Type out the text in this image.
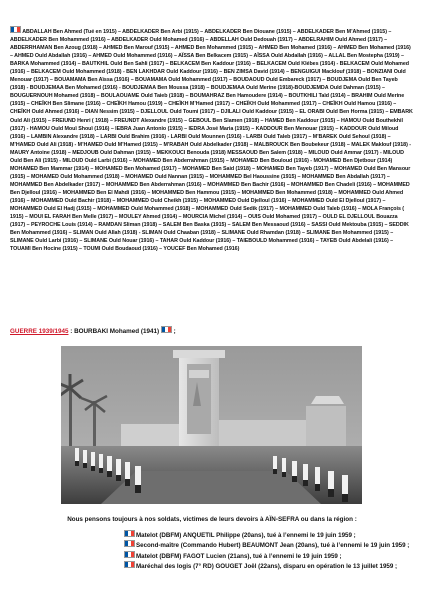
ABDALLAH Ben Ahmed (Tué en 1915) – ABDELKADER Ben Arbi (1915) – ABDELKADER Ben Diouane (1915) – ABDELKADER Ben M’Ahmed (1915) – ABDELKADER Ben Mohammed (1916) – ABDELKADER Ould Mohamed (1916) – ABDELLAH Ould Dedouah (1917) – ABDELRAHIM Ould Ahmed (1917) – ABDERRHAMAN Ben Azoug (1918) – AHMED Ben Marouf (1915) – AHMED Ben Mohammed (1915) – AHMED Ben Mohamed (1916) – AHMED Ben Mohamed (1916) – AHMED Ould Abdallah (1916) – AHMED Ould Mohammed (1916) – AÏSSA Ben Belkacem (1915) – AÏSSA Ould Abdallah (1916) – ALLAL Ben Mostepha (1919) – BARKA Mohammed (1914) – BAUTKHIL Ould Ben Sahli (1917) – BELKACEM Ben Kaddour (1916) – BELKACEM Ould Klébes (1914) - BELKACEM Ould Mohamed (1916) – BELKACEM Ould Mohammed (1918) - BEN LAKHDAR Ould Kaddour (1916) – BEN ZIMSA David (1914) – BENGUIGUI Macklouf (1918) – BONZIANI Ould Menouar (1917) – BOUAMAMA Ben Aïssa (1916) – BOUAMAMA Ould Mohammed (1917) – BOUDAOUD Ould Embareck (1917) – BOUDJEMA Ould Ben Tayeb (1918) - BOUDJEMAA Ben Mohamed (1916) - BOUDJEMAA Ben Moussa (1918) – BOUDJEMAA Ould Merine (1918)-BOUDJEMDA Ould Dahman (1915) – BOUGUERNOUH Mohamed (1918) – BOULAOUAME Ould Taieb (1918) – BOUMAHRAZ Ben Hamoudere (1914) – BOUTKHILI Taïd (1914) – BRAHIM Ould Merine (1915) – CHEÏKH Ben Slimane (1916) – CHEÏKH Hamou (1919) – CHEÏKH M’Hamed (1917) – CHEÏKH Ould Mohammed (1917) – CHEÏKH Ould Hamou (1916) – CHEÏKH Ould Ahmed (1916) – DIAN Nessim (1915) – DJELLOUL Ould Toumi (1917) – DJILALI Ould Kaddour (1915) – EL ORABI Ould Ben Horma (1915) – EMBARK Ould Ali (1915) – FREIUND Henri ( 1918) – FREUNDT Alexandre (1915) – GEBOUL Ben Slamen (1918) – HAMED Ben Kaddour (1915) – HAMOU Ould Bouthekhil (1917) - HAMOU Ould Mouï Shouï (1916) – IEBRA Juan Antonio (1915) – IEDRA José Maria (1915) – KADDOUR Ben Menouar (1915) – KADDOUR Ould Miloud (1916) – LAMBIN Alexandre (1918) – LARBI Ould Brahim (1916) - LARBI Ould Mounnen (1916) - LARBI Ould Taleb (1917) – M’BAREK Ould Sehoul (1918) – M’HAMED Ould Ali (1918) - M’HAMED Ould M’Hamed (1915) – M’RABAH Ould Abdelkader (1918) – MALBROUCK Ben Boubekeur (1918) – MALEK Maklouf (1918) - MAURY Antoine (1918) – MEDJOUB Ould Dahman (1915) – MEKKOUCI Benouda (1918) MESSAOUD Ben Salem (1918) – MILOUD Ould Ammar (1917) - MILOUD Ould Ben Ali (1915) - MILOUD Ould Larbi (1916) – MOHAMED Ben Abderrahman (1915) – MOHAMED Ben Bouloud (1916) - MOHAMED Ben Djetbour (1914) MOHAMED Ben Mammar (1914) – MOHAMED Ben Mohamed (1917) – MOHAMED Ben Said (1918) – MOHAMED Ben Tayeb (1917) – MOHAMED Ould Ben Mansour (1915) – MOHAMED Ould Mohammed (1918) – MOHAMED Ould Nannan (1915) – MOHAMMED Bel Haoussine (1915) – MOHAMMED Ben Abdallah (1917) – MOHAMMED Ben Abdelkader (1917) – MOHAMMED Ben Abderrahman (1916) – MOHAMMED Ben Bachir (1916) – MOHAMMED Ben Chadeli (1916) – MOHAMMED Ben Djelloul (1916) – MOHAMMED Ben El Mahdi (1916) – MOHAMMED Ben Hammou (1915) – MOHAMMED Ben Mohammed (1918) – MOHAMMED Ould Ahmed (1916) – MOHAMMED Ould Bachir (1918) – MOHAMMED Ould Cheikh (1915) – MOHAMMED Ould Djellouï (1916) – MOHAMMED Ould El Djelloul (1917) – MOHAMMED Ould El Hadj (1915) – MOHAMMED Ould Mohammed (1918) – MOHAMMED Ould Sedik (1917) – MOHAMMED Ould Taleb (1916) – MOLA François ( 1915) – MOUI EL FARAH Ben Melle (1917) – MOULEY Ahmed (1914) – MOURCIA Michel (1914) – OUIS Ould Mohamed (1917) – OULD EL DJELLOUL Bouazza (1917) – PEYROCHE Louis (1914) – RAMDAN Sliman (1918) – SALEM Ben Baska (1915) – SALEM Ben Messaoud (1916) – SASSI Ould Mektouba (1915) – SEDDIK Ben Mohammed (1916) – SLIMAN Ould Allah (1918) - SLIMAN Ould Chaaban (1918) – SLIMANE Ould Rhamdan (1918) – SLIMANE Ben Mohammed (1915) – SLIMANE Ould Larbi (1916) – SLIMANE Ould Nouar (1916) – TAHAR Ould Kaddour (1916) – TAIEBOULD Mohammed (1916) – TAYEB Ould Abdelali (1916) – TOUAMI Ben Hocine (1915) – TOUMI Ould Boudaoud (1916) – YOUCEF Ben Mohamed (1916)
GUERRE 1939/1945 : BOURBAKI Mohamed (1941) ;
Nous pensons toujours à nos soldats, victimes de leurs devoirs à AÏN-SEFRA ou dans la région :
Matelot (DBFM) ANQUETIL Philippe (20ans), tué à l’ennemi le 19 juin 1959 ;
Second-maître (Commando Hubert) BEAUMONT Jean (20ans), tué à l’ennemi le 19 juin 1959 ;
Matelot (DBFM) FAGOT Lucien (21ans), tué à l’ennemi le 19 juin 1959 ;
Maréchal des logis (7° RD) GOUGET Joël (22ans), disparu en opération le 13 juillet 1959 ;
